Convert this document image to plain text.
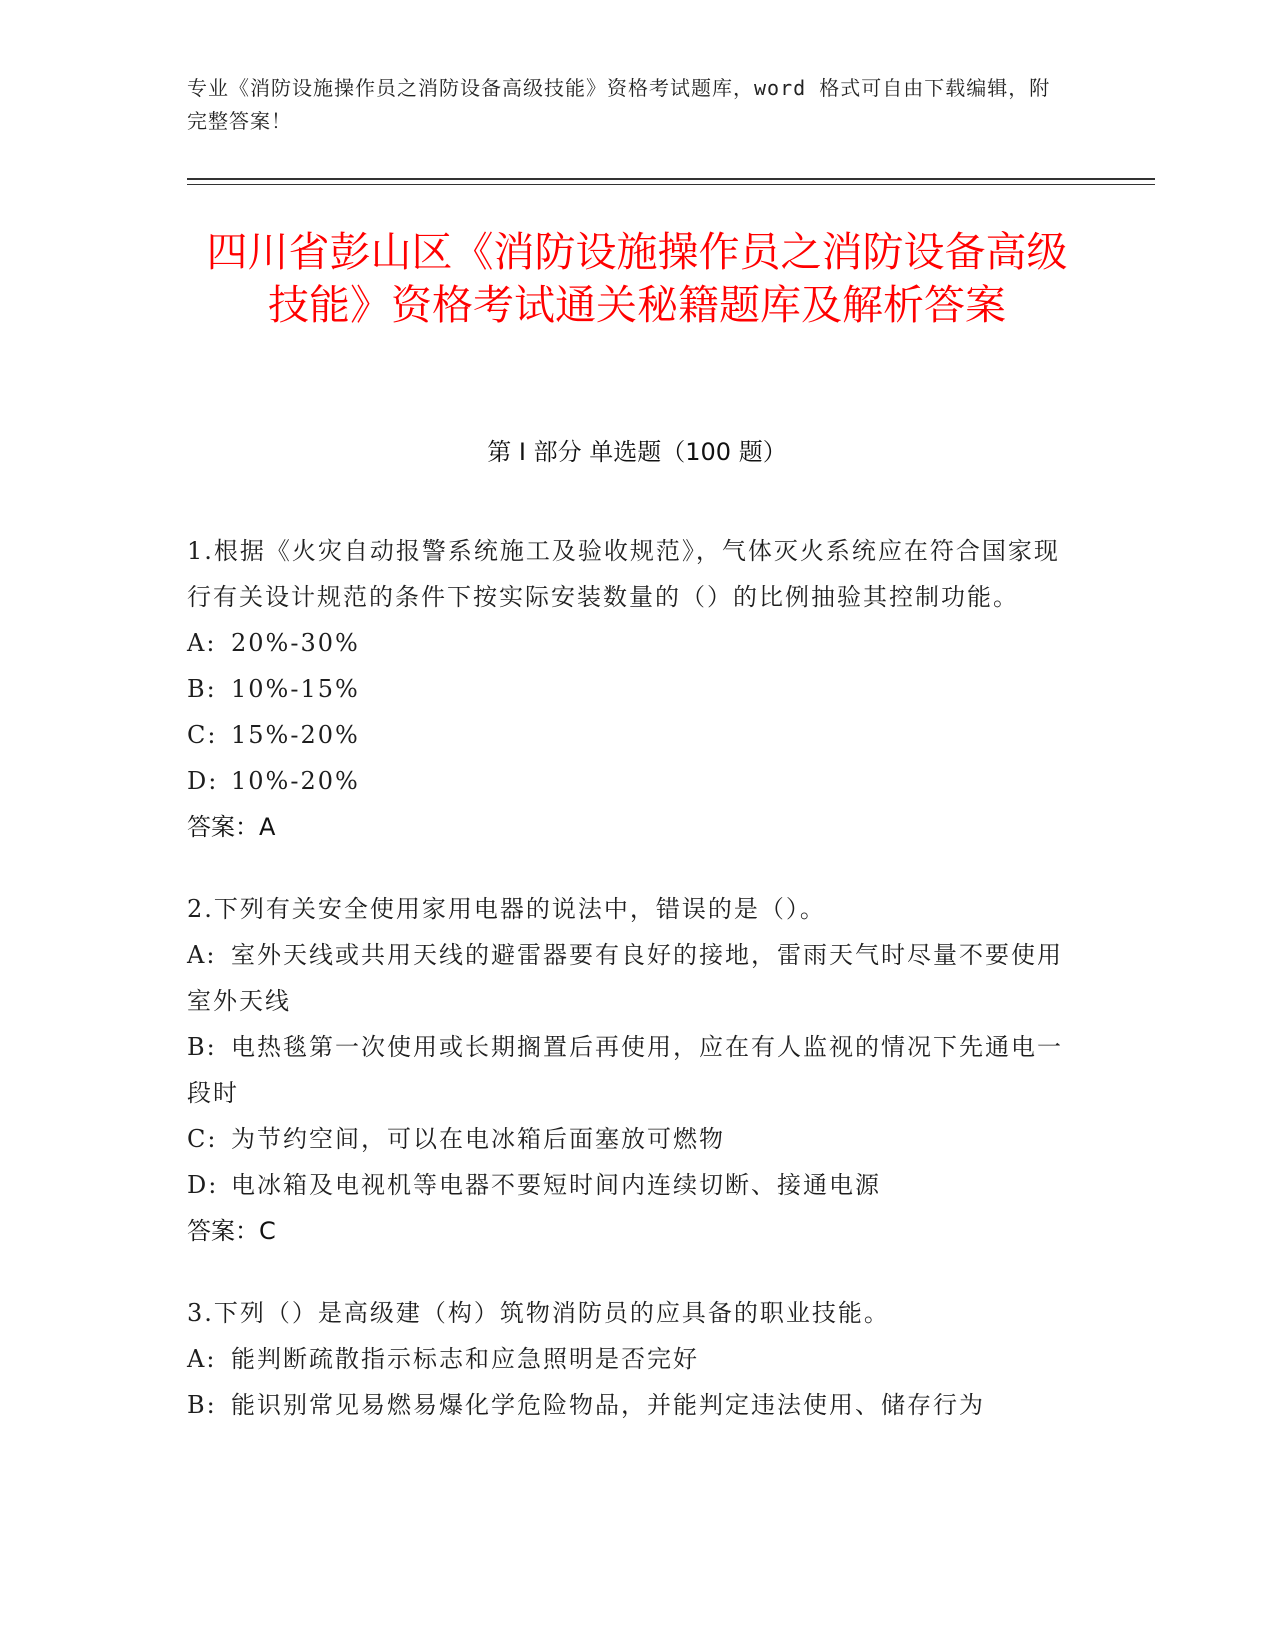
专业《消防设施操作员之消防设备高级技能》资格考试题库，word 格式可自由下载编辑，附完整答案！
四川省彭山区《消防设施操作员之消防设备高级技能》资格考试通关秘籍题库及解析答案
第 I 部分 单选题（100 题）
1.根据《火灾自动报警系统施工及验收规范》，气体灭火系统应在符合国家现行有关设计规范的条件下按实际安装数量的（）的比例抽验其控制功能。
A: 20%-30%
B: 10%-15%
C: 15%-20%
D: 10%-20%
答案：A
2.下列有关安全使用家用电器的说法中，错误的是（）。
A: 室外天线或共用天线的避雷器要有良好的接地，雷雨天气时尽量不要使用室外天线
B: 电热毯第一次使用或长期搁置后再使用，应在有人监视的情况下先通电一段时
C: 为节约空间，可以在电冰箱后面塞放可燃物
D: 电冰箱及电视机等电器不要短时间内连续切断、接通电源
答案：C
3.下列（）是高级建（构）筑物消防员的应具备的职业技能。
A: 能判断疏散指示标志和应急照明是否完好
B: 能识别常见易燃易爆化学危险物品，并能判定违法使用、储存行为
